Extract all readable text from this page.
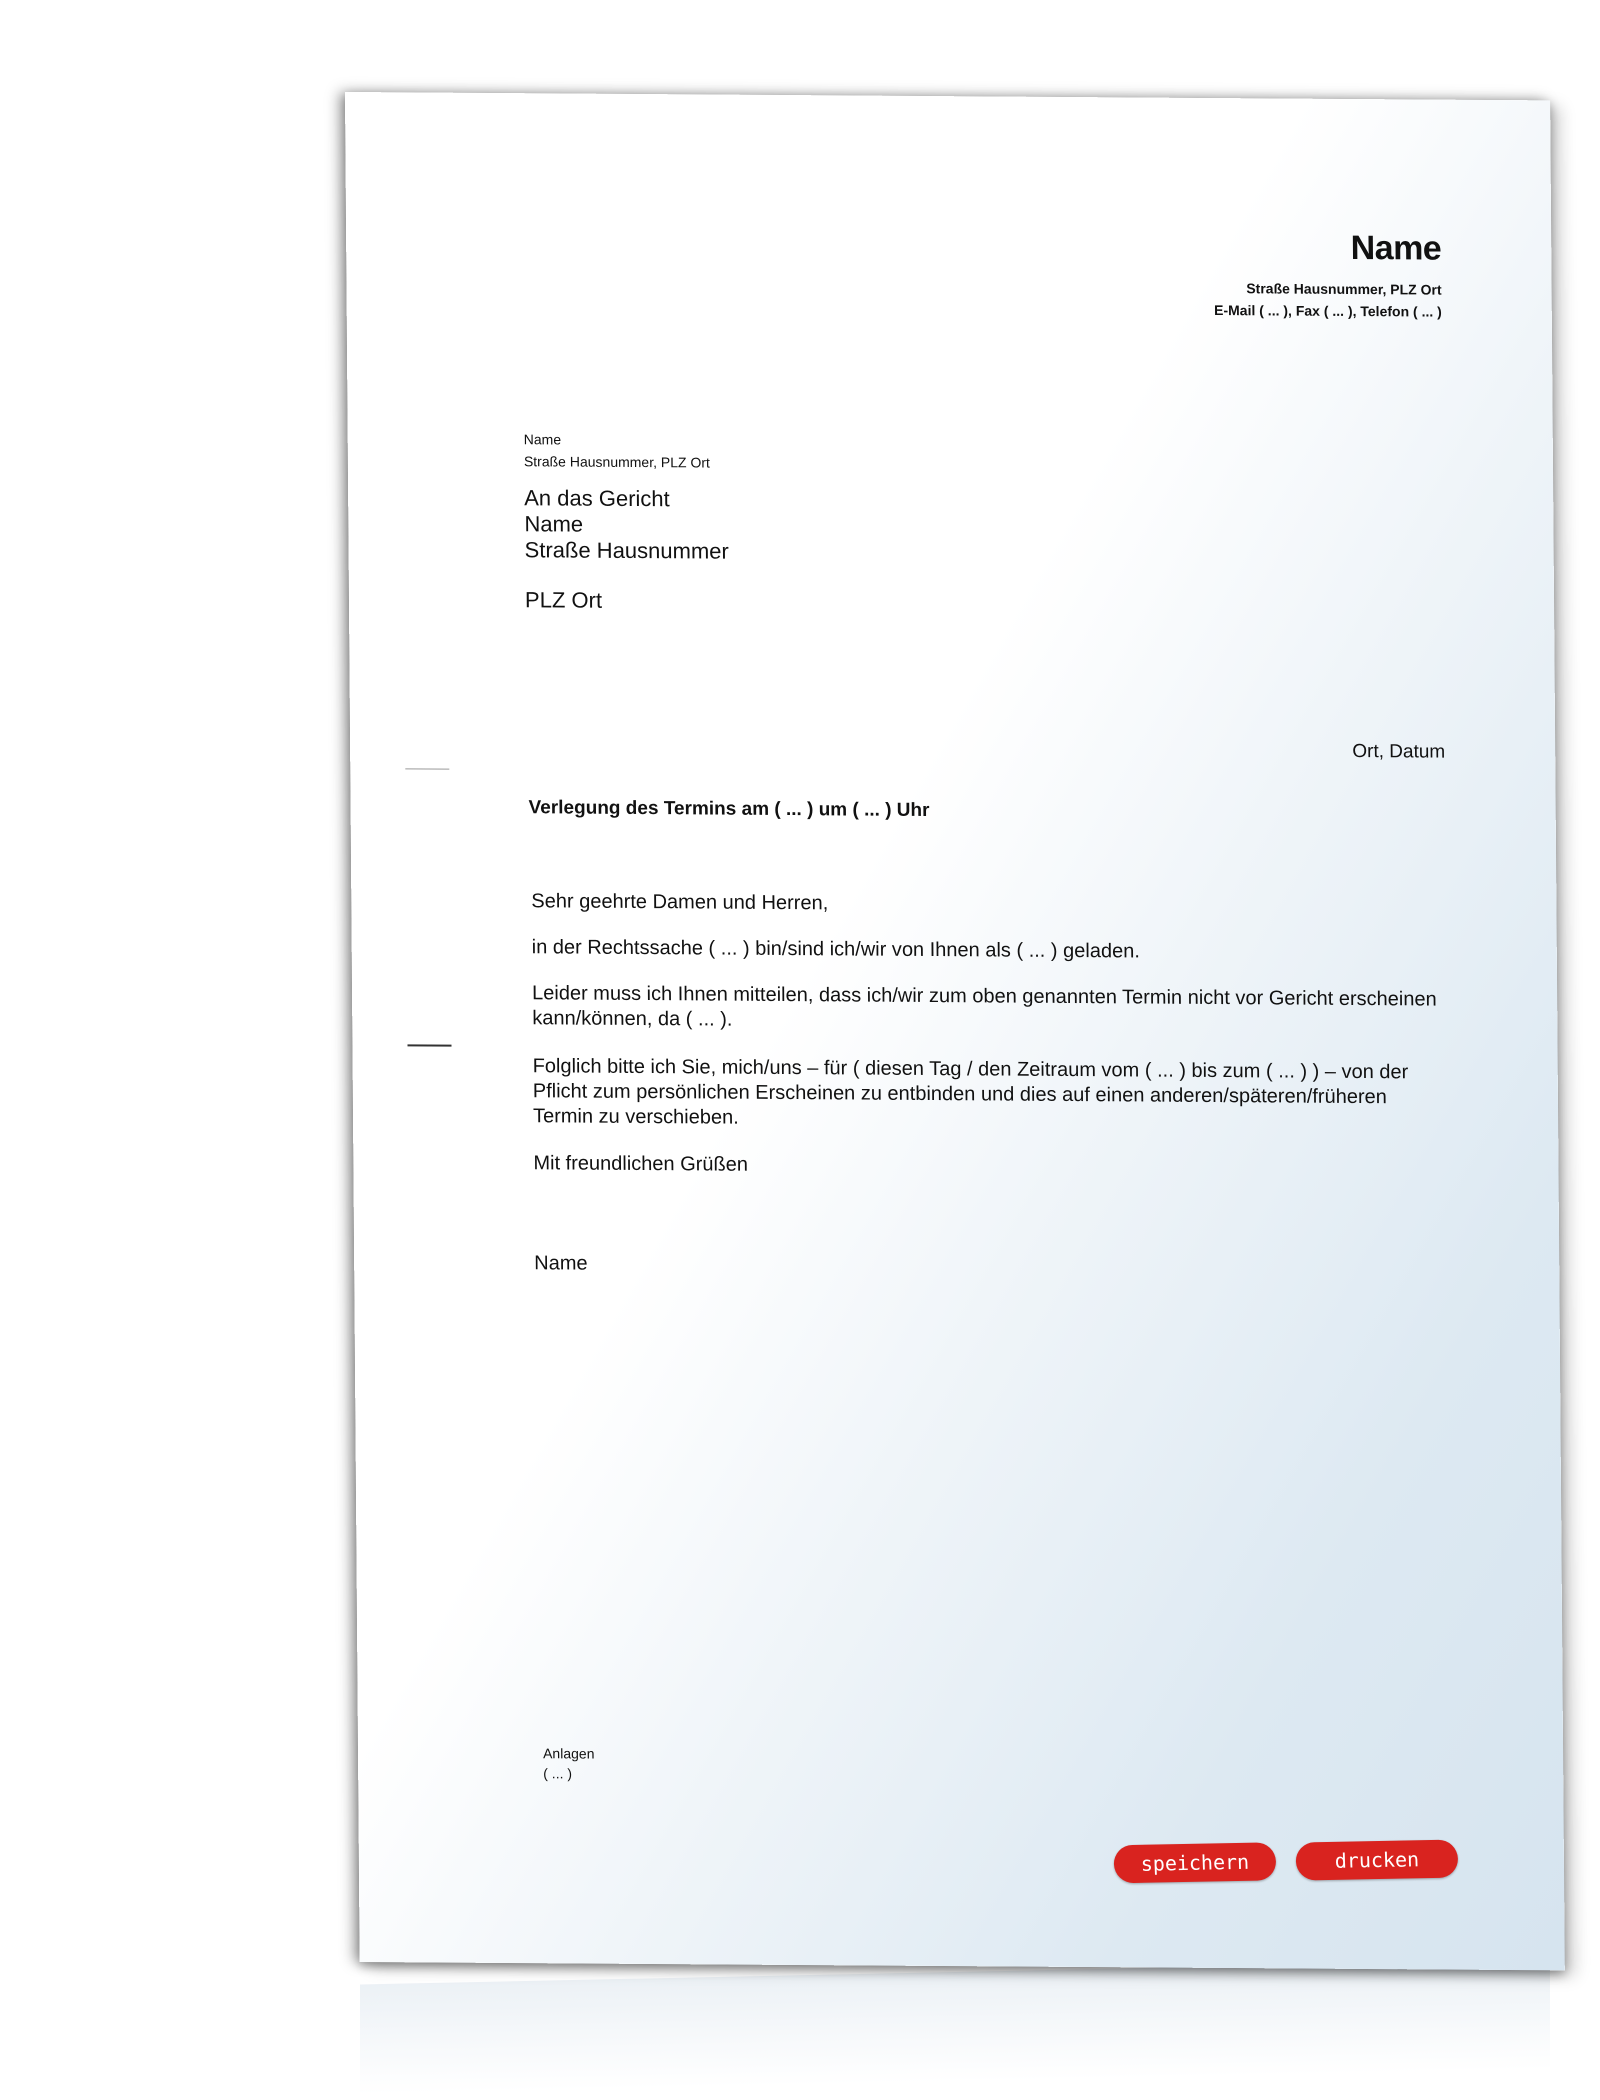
Name
Straße Hausnummer, PLZ Ort
E-Mail ( ... ), Fax ( ... ), Telefon ( ... )
Name
Straße Hausnummer, PLZ Ort
An das Gericht
Name
Straße Hausnummer
PLZ Ort
Ort, Datum
Verlegung des Termins am ( ... ) um ( ... ) Uhr
Sehr geehrte Damen und Herren,
in der Rechtssache ( ... ) bin/sind ich/wir von Ihnen als ( ... ) geladen.
Leider muss ich Ihnen mitteilen, dass ich/wir zum oben genannten Termin nicht vor Gericht erscheinen
kann/können, da ( ... ).
Folglich bitte ich Sie, mich/uns – für ( diesen Tag / den Zeitraum vom ( ... ) bis zum ( ... ) ) – von der
Pflicht zum persönlichen Erscheinen zu entbinden und dies auf einen anderen/späteren/früheren
Termin zu verschieben.
Mit freundlichen Grüßen
Name
Anlagen
( ... )
speichern	drucken
